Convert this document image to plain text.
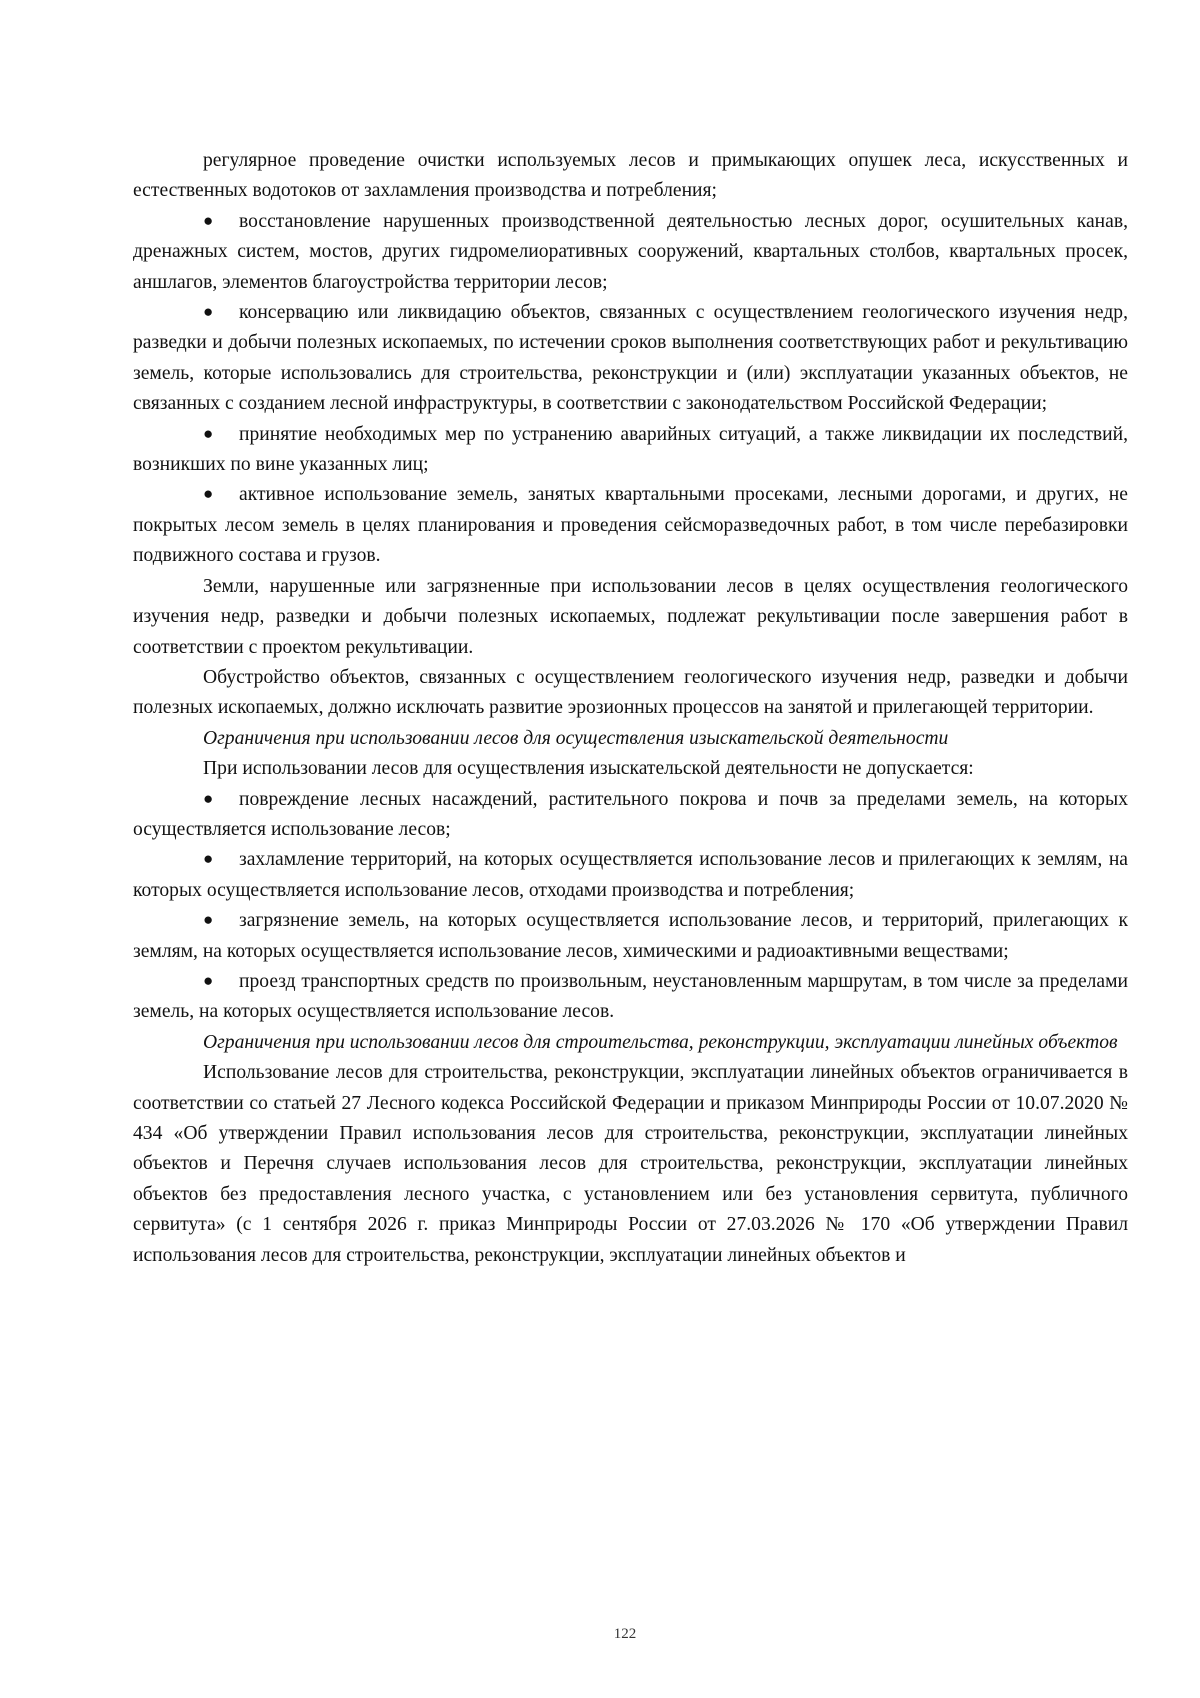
регулярное проведение очистки используемых лесов и примыкающих опушек леса, искусственных и естественных водотоков от захламления производства и потребления;

● восстановление нарушенных производственной деятельностью лесных дорог, осушительных канав, дренажных систем, мостов, других гидромелиоративных сооружений, квартальных столбов, квартальных просек, аншлагов, элементов благоустройства территории лесов;

● консервацию или ликвидацию объектов, связанных с осуществлением геологического изучения недр, разведки и добычи полезных ископаемых, по истечении сроков выполнения соответствующих работ и рекультивацию земель, которые использовались для строительства, реконструкции и (или) эксплуатации указанных объектов, не связанных с созданием лесной инфраструктуры, в соответствии с законодательством Российской Федерации;

● принятие необходимых мер по устранению аварийных ситуаций, а также ликвидации их последствий, возникших по вине указанных лиц;

● активное использование земель, занятых квартальными просеками, лесными дорогами, и других, не покрытых лесом земель в целях планирования и проведения сейсморазведочных работ, в том числе перебазировки подвижного состава и грузов.

Земли, нарушенные или загрязненные при использовании лесов в целях осуществления геологического изучения недр, разведки и добычи полезных ископаемых, подлежат рекультивации после завершения работ в соответствии с проектом рекультивации.

Обустройство объектов, связанных с осуществлением геологического изучения недр, разведки и добычи полезных ископаемых, должно исключать развитие эрозионных процессов на занятой и прилегающей территории.

Ограничения при использовании лесов для осуществления изыскательской деятельности

При использовании лесов для осуществления изыскательской деятельности не допускается:

● повреждение лесных насаждений, растительного покрова и почв за пределами земель, на которых осуществляется использование лесов;

● захламление территорий, на которых осуществляется использование лесов и прилегающих к землям, на которых осуществляется использование лесов, отходами производства и потребления;

● загрязнение земель, на которых осуществляется использование лесов, и территорий, прилегающих к землям, на которых осуществляется использование лесов, химическими и радиоактивными веществами;

● проезд транспортных средств по произвольным, неустановленным маршрутам, в том числе за пределами земель, на которых осуществляется использование лесов.

Ограничения при использовании лесов для строительства, реконструкции, эксплуатации линейных объектов

Использование лесов для строительства, реконструкции, эксплуатации линейных объектов ограничивается в соответствии со статьей 27 Лесного кодекса Российской Федерации и приказом Минприроды России от 10.07.2020 № 434 «Об утверждении Правил использования лесов для строительства, реконструкции, эксплуатации линейных объектов и Перечня случаев использования лесов для строительства, реконструкции, эксплуатации линейных объектов без предоставления лесного участка, с установлением или без установления сервитута, публичного сервитута» (с 1 сентября 2026 г. приказ Минприроды России от 27.03.2026 № 170 «Об утверждении Правил использования лесов для строительства, реконструкции, эксплуатации линейных объектов и

122
